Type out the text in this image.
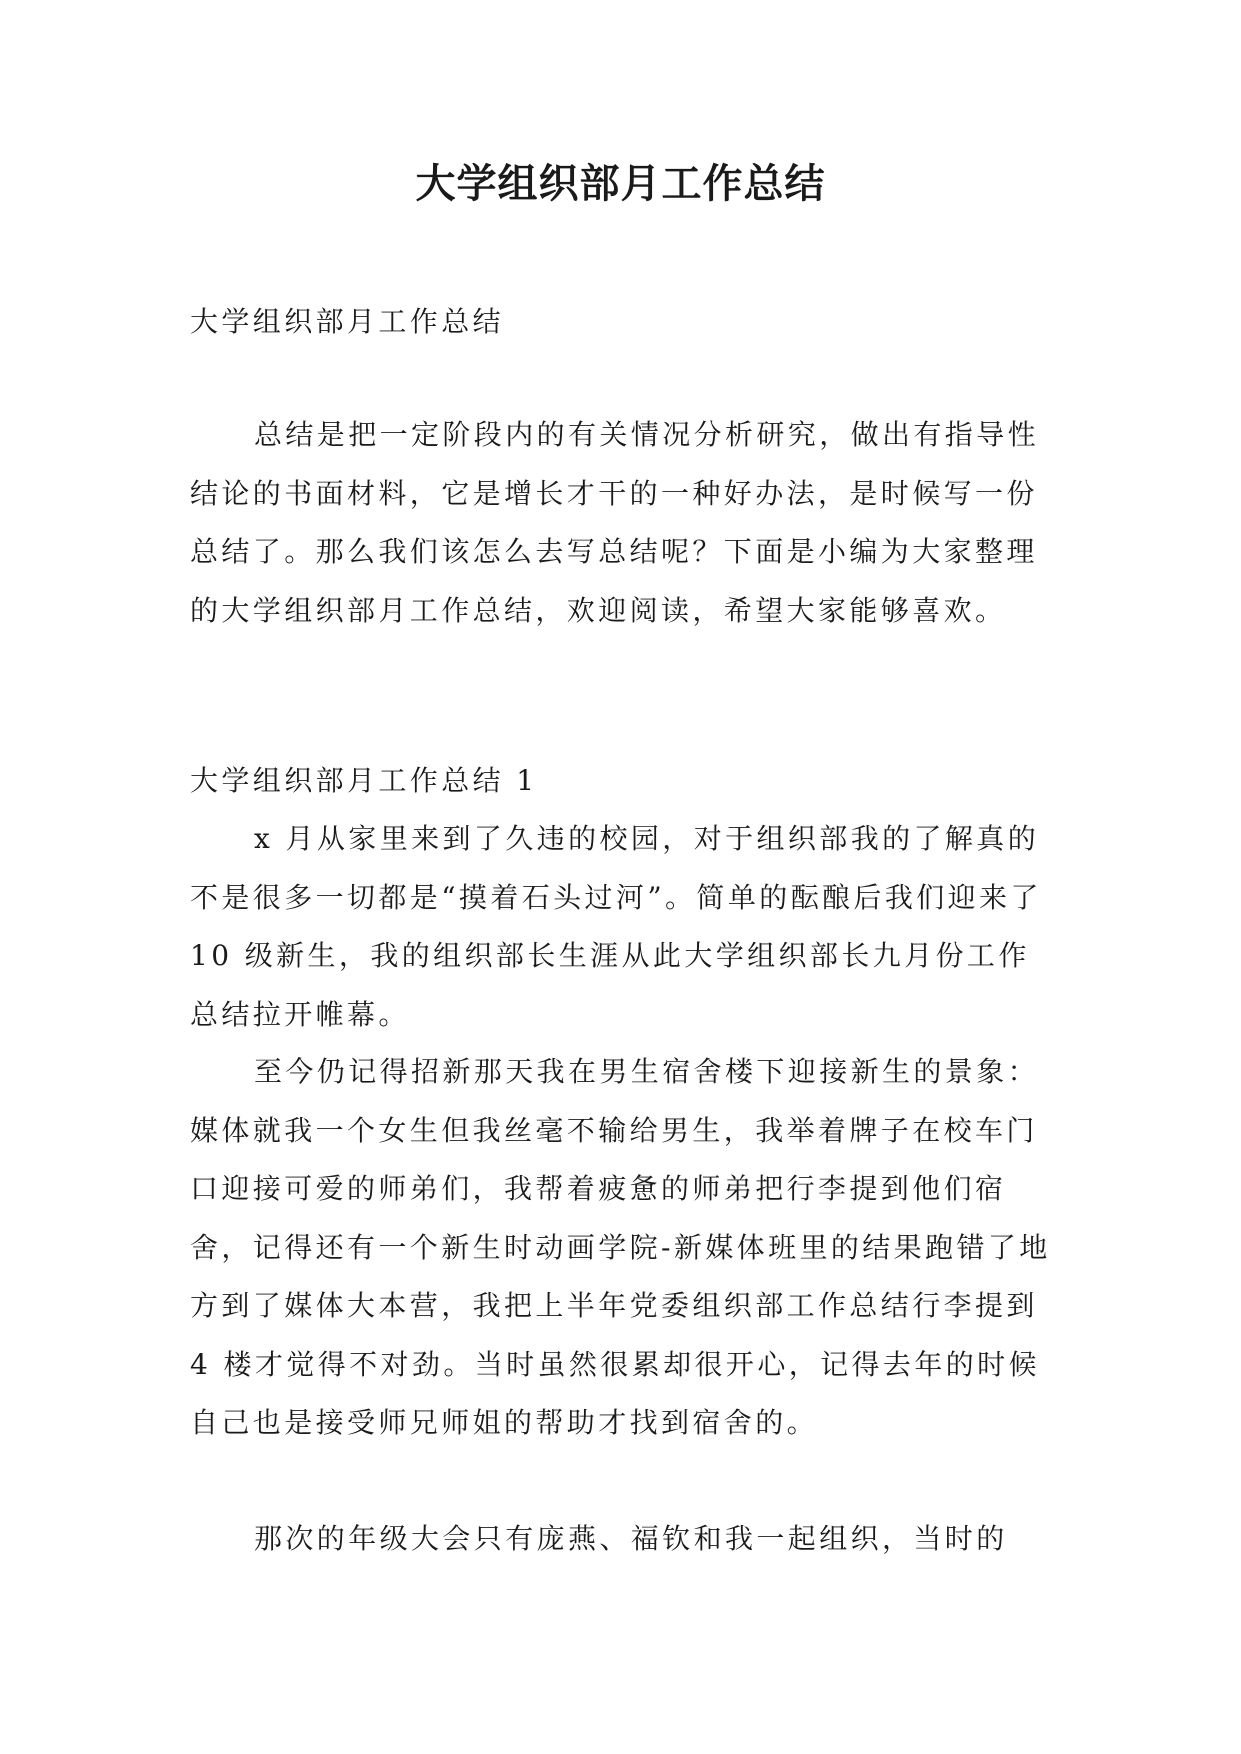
大学组织部月工作总结

大学组织部月工作总结

总结是把一定阶段内的有关情况分析研究，做出有指导性结论的书面材料，它是增长才干的一种好办法，是时候写一份总结了。那么我们该怎么去写总结呢？下面是小编为大家整理的大学组织部月工作总结，欢迎阅读，希望大家能够喜欢。

大学组织部月工作总结 1

x 月从家里来到了久违的校园，对于组织部我的了解真的不是很多一切都是“摸着石头过河”。简单的酝酿后我们迎来了 10 级新生，我的组织部长生涯从此大学组织部长九月份工作总结拉开帷幕。

至今仍记得招新那天我在男生宿舍楼下迎接新生的景象：媒体就我一个女生但我丝毫不输给男生，我举着牌子在校车门口迎接可爱的师弟们，我帮着疲惫的师弟把行李提到他们宿舍，记得还有一个新生时动画学院-新媒体班里的结果跑错了地方到了媒体大本营，我把上半年党委组织部工作总结行李提到 4 楼才觉得不对劲。当时虽然很累却很开心，记得去年的时候自己也是接受师兄师姐的帮助才找到宿舍的。

那次的年级大会只有庞燕、福钦和我一起组织，当时的
